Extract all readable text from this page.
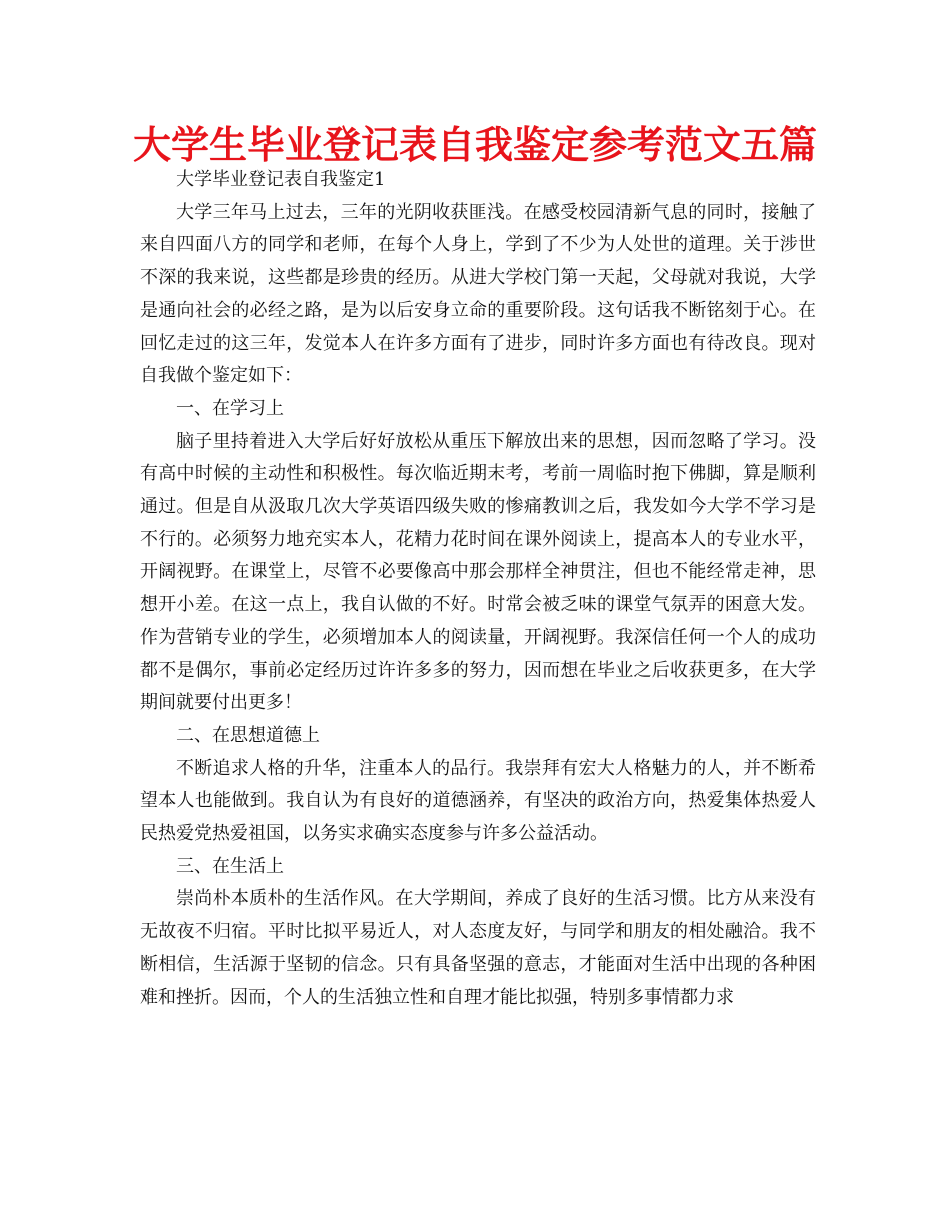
大学生毕业登记表自我鉴定参考范文五篇

大学毕业登记表自我鉴定1

大学三年马上过去，三年的光阴收获匪浅。在感受校园清新气息的同时，接触了来自四面八方的同学和老师，在每个人身上，学到了不少为人处世的道理。关于涉世不深的我来说，这些都是珍贵的经历。从进大学校门第一天起，父母就对我说，大学是通向社会的必经之路，是为以后安身立命的重要阶段。这句话我不断铭刻于心。在回忆走过的这三年，发觉本人在许多方面有了进步，同时许多方面也有待改良。现对自我做个鉴定如下：

一、在学习上

脑子里持着进入大学后好好放松从重压下解放出来的思想，因而忽略了学习。没有高中时候的主动性和积极性。每次临近期末考，考前一周临时抱下佛脚，算是顺利通过。但是自从汲取几次大学英语四级失败的惨痛教训之后，我发如今大学不学习是不行的。必须努力地充实本人，花精力花时间在课外阅读上，提高本人的专业水平，开阔视野。在课堂上，尽管不必要像高中那会那样全神贯注，但也不能经常走神，思想开小差。在这一点上，我自认做的不好。时常会被乏味的课堂气氛弄的困意大发。作为营销专业的学生，必须增加本人的阅读量，开阔视野。我深信任何一个人的成功都不是偶尔，事前必定经历过许许多多的努力，因而想在毕业之后收获更多，在大学期间就要付出更多！

二、在思想道德上

不断追求人格的升华，注重本人的品行。我崇拜有宏大人格魅力的人，并不断希望本人也能做到。我自认为有良好的道德涵养，有坚决的政治方向，热爱集体热爱人民热爱党热爱祖国，以务实求确实态度参与许多公益活动。

三、在生活上

崇尚朴本质朴的生活作风。在大学期间，养成了良好的生活习惯。比方从来没有无故夜不归宿。平时比拟平易近人，对人态度友好，与同学和朋友的相处融洽。我不断相信，生活源于坚韧的信念。只有具备坚强的意志，才能面对生活中出现的各种困难和挫折。因而，个人的生活独立性和自理才能比拟强，特别多事情都力求
